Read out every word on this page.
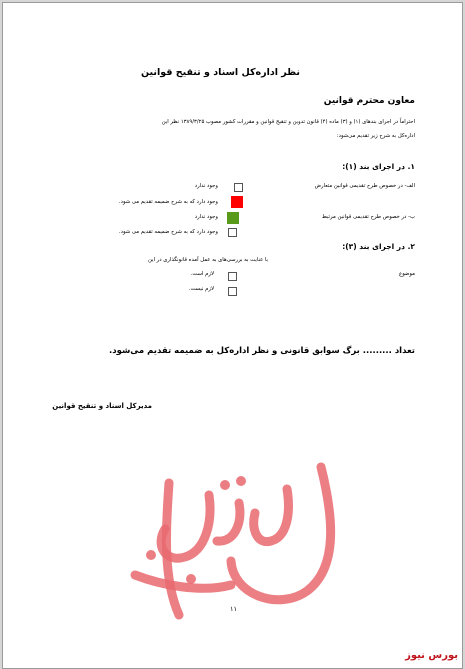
نظر اداره‌کل اسناد و تنقیح قوانین
معاون محترم قوانین
احتراماً در اجرای بندهای (۱) و (۳) ماده (۴) قانون تدوین و تنقیح قوانین و مقررات کشور مصوب ۱۳۸۹/۳/۲۵ نظر این
اداره‌کل به شرح زیر تقدیم می‌شود:
۱. در اجرای بند (۱):
الف- در خصوص طرح تقدیمی قوانین متعارض
وجود ندارد
وجود دارد که به شرح ضمیمه تقدیم می شود.
ب- در خصوص طرح تقدیمی قوانین مرتبط
وجود ندارد
وجود دارد که به شرح ضمیمه تقدیم می شود.
۲. در اجرای بند (۳):
با عنایت به بررسی‌های به عمل آمده قانونگذاری در این
موضوع
لازم است.
لازم نیست.
تعداد ......... برگ سوابق قانونی و نظر اداره‌کل به ضمیمه تقدیم می‌شود.
مدیرکل اسناد و تنقیح قوانین
۱۱
بورس نیوز
